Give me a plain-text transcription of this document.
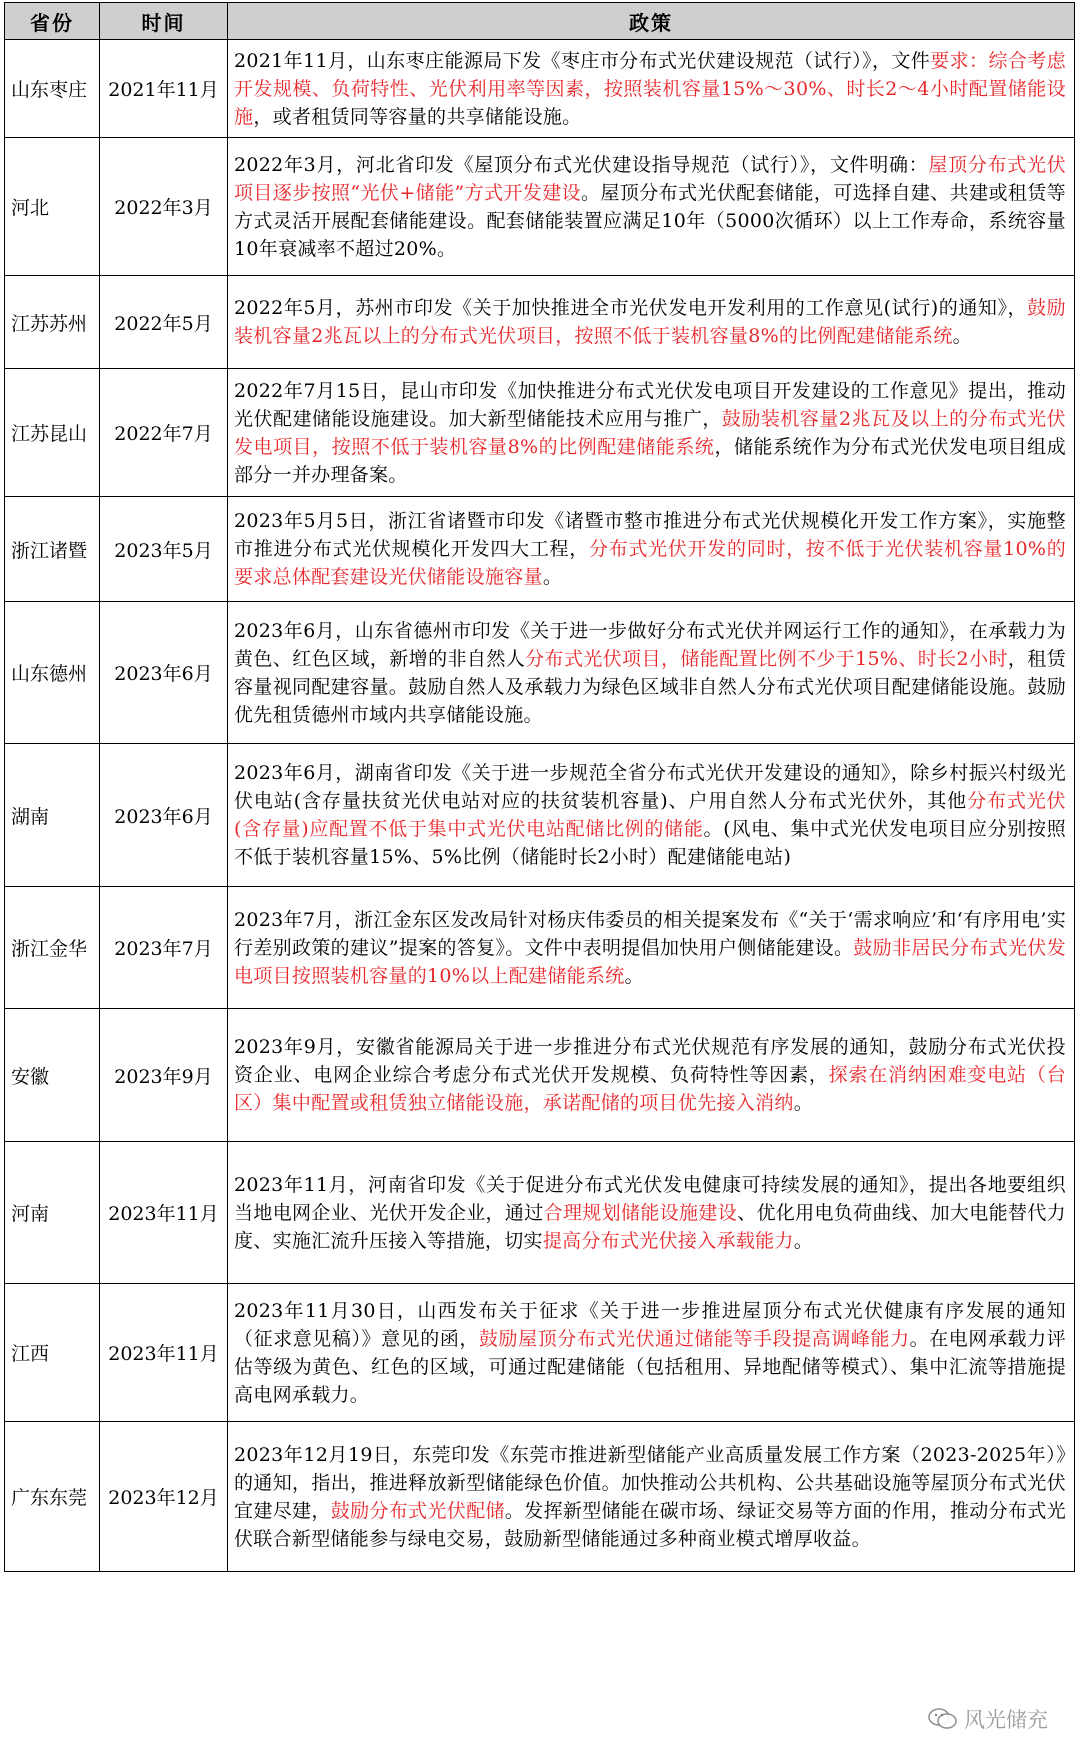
省份	时间	政策
山东枣庄	2021年11月	2021年11月，山东枣庄能源局下发《枣庄市分布式光伏建设规范（试行）》，文件要求：综合考虑开发规模、负荷特性、光伏利用率等因素，按照装机容量15%～30%、时长2～4小时配置储能设施，或者租赁同等容量的共享储能设施。
河北	2022年3月	2022年3月，河北省印发《屋顶分布式光伏建设指导规范（试行）》，文件明确：屋顶分布式光伏项目逐步按照“光伏+储能”方式开发建设。屋顶分布式光伏配套储能，可选择自建、共建或租赁等方式灵活开展配套储能建设。配套储能装置应满足10年（5000次循环）以上工作寿命，系统容量10年衰减率不超过20%。
江苏苏州	2022年5月	2022年5月，苏州市印发《关于加快推进全市光伏发电开发利用的工作意见(试行)的通知》，鼓励装机容量2兆瓦以上的分布式光伏项目，按照不低于装机容量8%的比例配建储能系统。
江苏昆山	2022年7月	2022年7月15日，昆山市印发《加快推进分布式光伏发电项目开发建设的工作意见》提出，推动光伏配建储能设施建设。加大新型储能技术应用与推广，鼓励装机容量2兆瓦及以上的分布式光伏发电项目，按照不低于装机容量8%的比例配建储能系统，储能系统作为分布式光伏发电项目组成部分一并办理备案。
浙江诸暨	2023年5月	2023年5月5日，浙江省诸暨市印发《诸暨市整市推进分布式光伏规模化开发工作方案》，实施整市推进分布式光伏规模化开发四大工程，分布式光伏开发的同时，按不低于光伏装机容量10%的要求总体配套建设光伏储能设施容量。
山东德州	2023年6月	2023年6月，山东省德州市印发《关于进一步做好分布式光伏并网运行工作的通知》，在承载力为黄色、红色区域，新增的非自然人分布式光伏项目，储能配置比例不少于15%、时长2小时，租赁容量视同配建容量。鼓励自然人及承载力为绿色区域非自然人分布式光伏项目配建储能设施。鼓励优先租赁德州市域内共享储能设施。
湖南	2023年6月	2023年6月，湖南省印发《关于进一步规范全省分布式光伏开发建设的通知》，除乡村振兴村级光伏电站(含存量扶贫光伏电站对应的扶贫装机容量)、户用自然人分布式光伏外，其他分布式光伏(含存量)应配置不低于集中式光伏电站配储比例的储能。(风电、集中式光伏发电项目应分别按照不低于装机容量15%、5%比例（储能时长2小时）配建储能电站)
浙江金华	2023年7月	2023年7月，浙江金东区发改局针对杨庆伟委员的相关提案发布《“关于‘需求响应’和‘有序用电’实行差别政策的建议”提案的答复》。文件中表明提倡加快用户侧储能建设。鼓励非居民分布式光伏发电项目按照装机容量的10%以上配建储能系统。
安徽	2023年9月	2023年9月，安徽省能源局关于进一步推进分布式光伏规范有序发展的通知，鼓励分布式光伏投资企业、电网企业综合考虑分布式光伏开发规模、负荷特性等因素，探索在消纳困难变电站（台区）集中配置或租赁独立储能设施，承诺配储的项目优先接入消纳。
河南	2023年11月	2023年11月，河南省印发《关于促进分布式光伏发电健康可持续发展的通知》，提出各地要组织当地电网企业、光伏开发企业，通过合理规划储能设施建设、优化用电负荷曲线、加大电能替代力度、实施汇流升压接入等措施，切实提高分布式光伏接入承载能力。
江西	2023年11月	2023年11月30日，山西发布关于征求《关于进一步推进屋顶分布式光伏健康有序发展的通知（征求意见稿）》意见的函，鼓励屋顶分布式光伏通过储能等手段提高调峰能力。在电网承载力评估等级为黄色、红色的区域，可通过配建储能（包括租用、异地配储等模式）、集中汇流等措施提高电网承载力。
广东东莞	2023年12月	2023年12月19日，东莞印发《东莞市推进新型储能产业高质量发展工作方案（2023-2025年）》的通知，指出，推进释放新型储能绿色价值。加快推动公共机构、公共基础设施等屋顶分布式光伏宜建尽建，鼓励分布式光伏配储。发挥新型储能在碳市场、绿证交易等方面的作用，推动分布式光伏联合新型储能参与绿电交易，鼓励新型储能通过多种商业模式增厚收益。
风光储充
